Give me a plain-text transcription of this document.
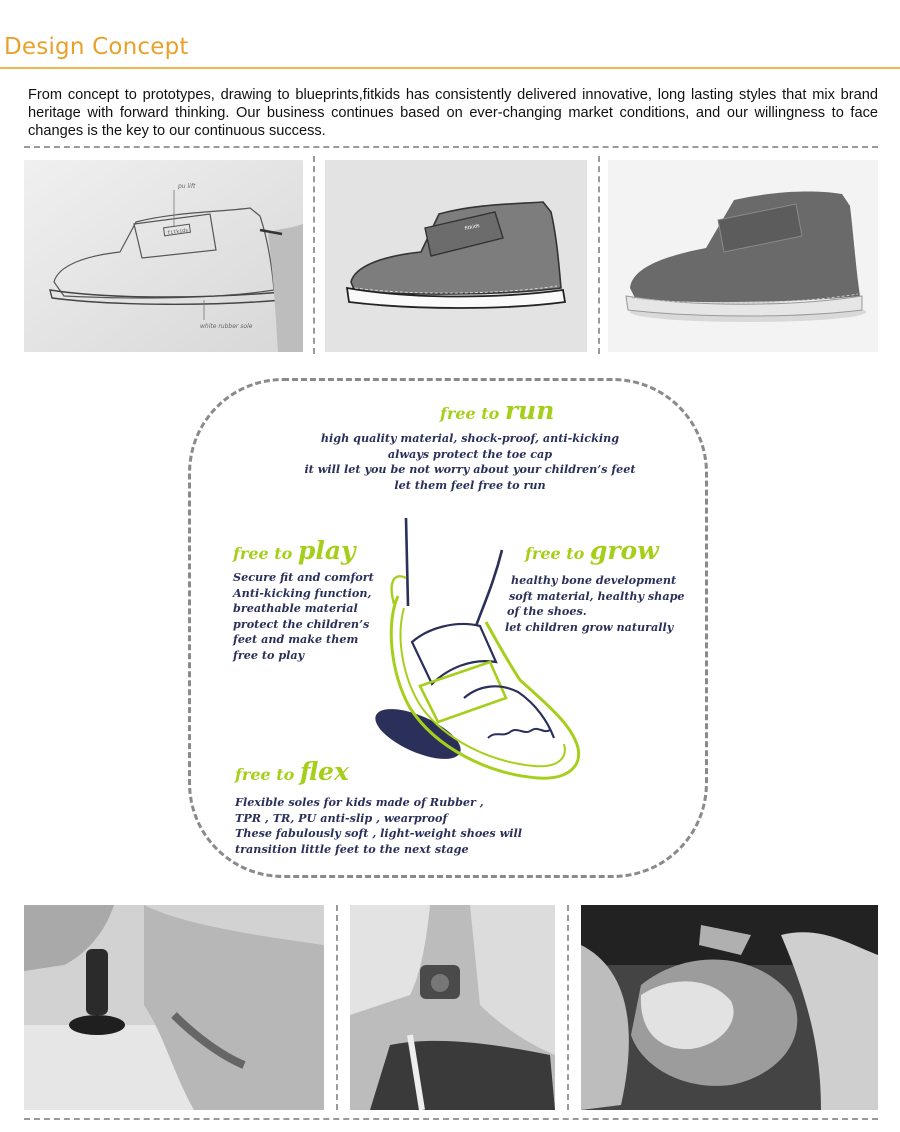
Design Concept
From concept to prototypes, drawing to blueprints,fitkids has consistently delivered innovative, long lasting styles that mix brand heritage with forward thinking. Our business continues based on ever-changing market conditions, and our willingness to face changes is the key to our continuous success.
fitkids
pu lift
white rubber sole
fitkids
free to run
high quality material, shock-proof, anti-kicking
always protect the toe cap
it will let you be not worry about your children’s feet
let them feel free to run
free to play
Secure fit and comfort
Anti-kicking function,
breathable material
protect the children’s
feet and make them
free to play
free to grow
healthy bone development
soft material, healthy shape
of the shoes.
let children grow naturally
free to flex
Flexible soles for kids made of Rubber ,
TPR , TR, PU anti-slip , wearproof
These fabulously soft , light-weight shoes will
transition little feet to the next stage
